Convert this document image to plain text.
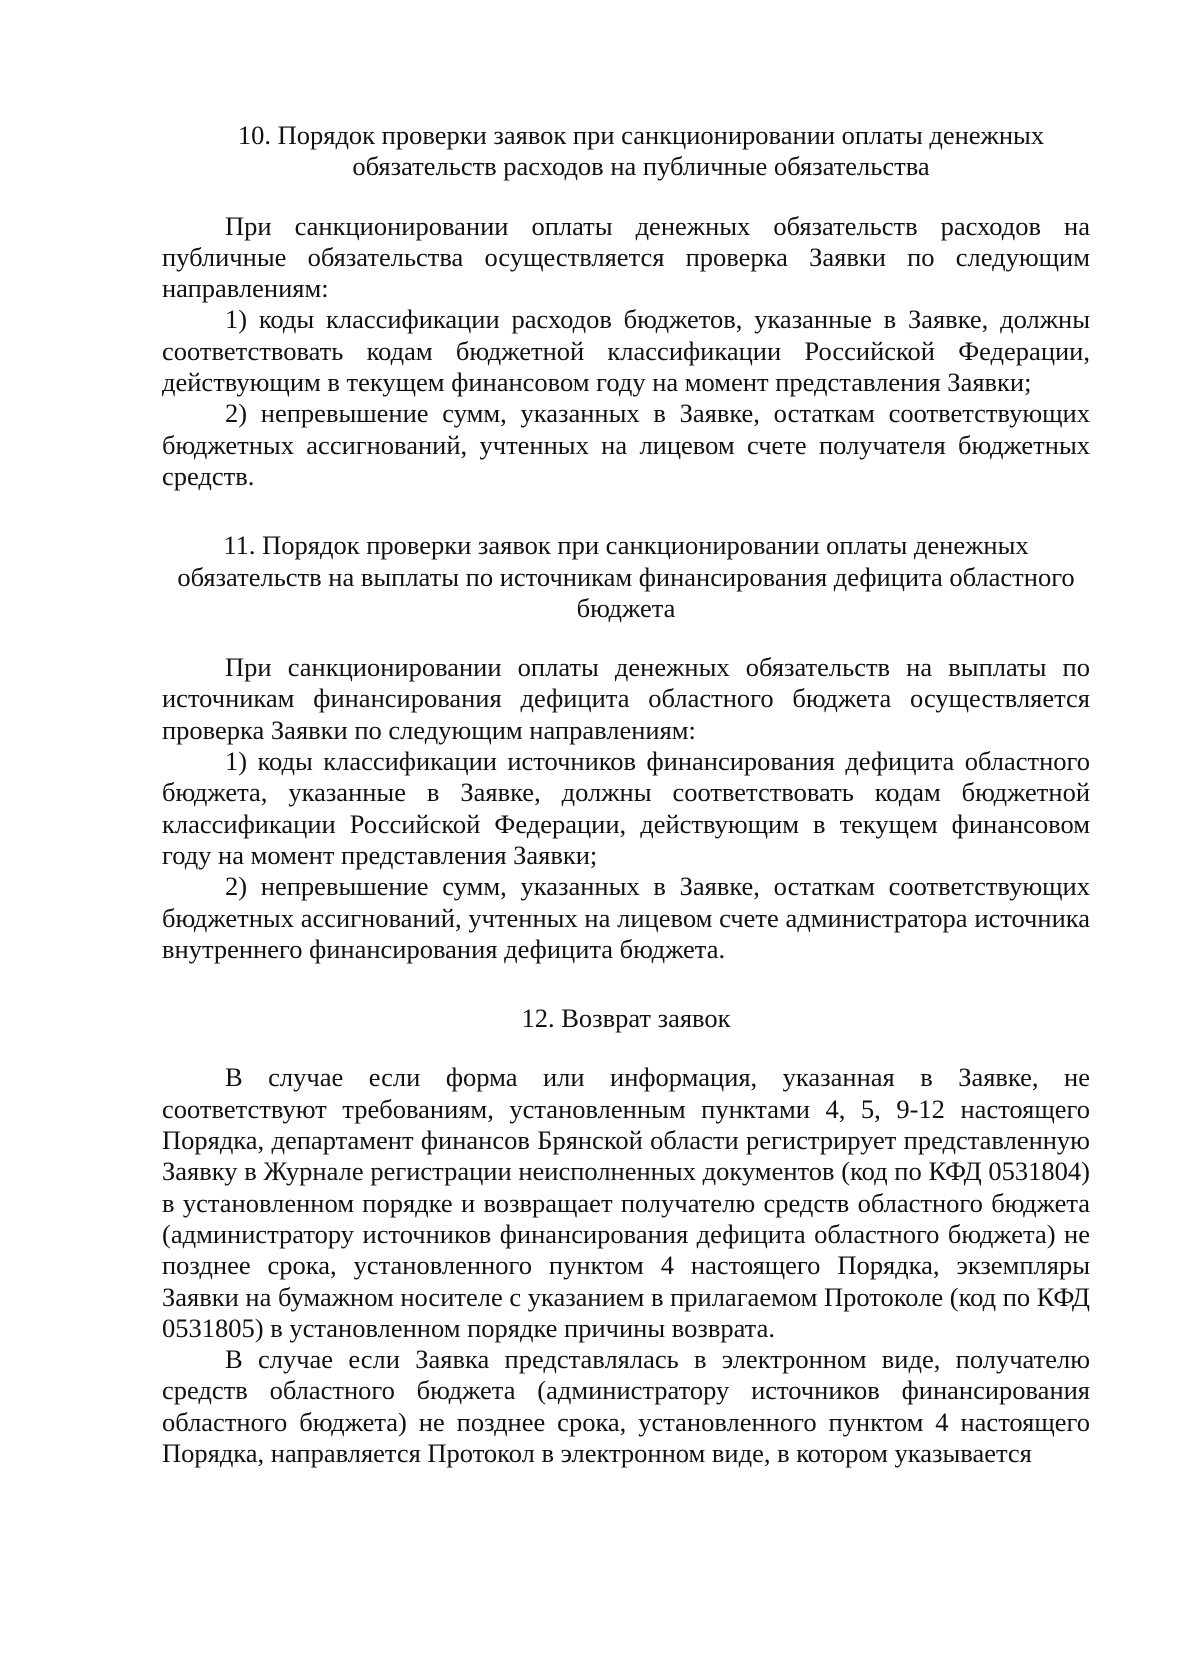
10. Порядок проверки заявок при санкционировании оплаты денежных обязательств расходов на публичные обязательства

При санкционировании оплаты денежных обязательств расходов на публичные обязательства осуществляется проверка Заявки по следующим направлениям:

1) коды классификации расходов бюджетов, указанные в Заявке, должны соответствовать кодам бюджетной классификации Российской Федерации, действующим в текущем финансовом году на момент представления Заявки;

2) непревышение сумм, указанных в Заявке, остаткам соответствующих бюджетных ассигнований, учтенных на лицевом счете получателя бюджетных средств.

11. Порядок проверки заявок при санкционировании оплаты денежных обязательств на выплаты по источникам финансирования дефицита областного бюджета

При санкционировании оплаты денежных обязательств на выплаты по источникам финансирования дефицита областного бюджета осуществляется проверка Заявки по следующим направлениям:

1) коды классификации источников финансирования дефицита областного бюджета, указанные в Заявке, должны соответствовать кодам бюджетной классификации Российской Федерации, действующим в текущем финансовом году на момент представления Заявки;

2) непревышение сумм, указанных в Заявке, остаткам соответствующих бюджетных ассигнований, учтенных на лицевом счете администратора источника внутреннего финансирования дефицита бюджета.

12. Возврат заявок

В случае если форма или информация, указанная в Заявке, не соответствуют требованиям, установленным пунктами 4, 5, 9-12 настоящего Порядка, департамент финансов Брянской области регистрирует представленную Заявку в Журнале регистрации неисполненных документов (код по КФД 0531804) в установленном порядке и возвращает получателю средств областного бюджета (администратору источников финансирования дефицита областного бюджета) не позднее срока, установленного пунктом 4 настоящего Порядка, экземпляры Заявки на бумажном носителе с указанием в прилагаемом Протоколе (код по КФД 0531805) в установленном порядке причины возврата.

В случае если Заявка представлялась в электронном виде, получателю средств областного бюджета (администратору источников финансирования областного бюджета) не позднее срока, установленного пунктом 4 настоящего Порядка, направляется Протокол в электронном виде, в котором указывается
